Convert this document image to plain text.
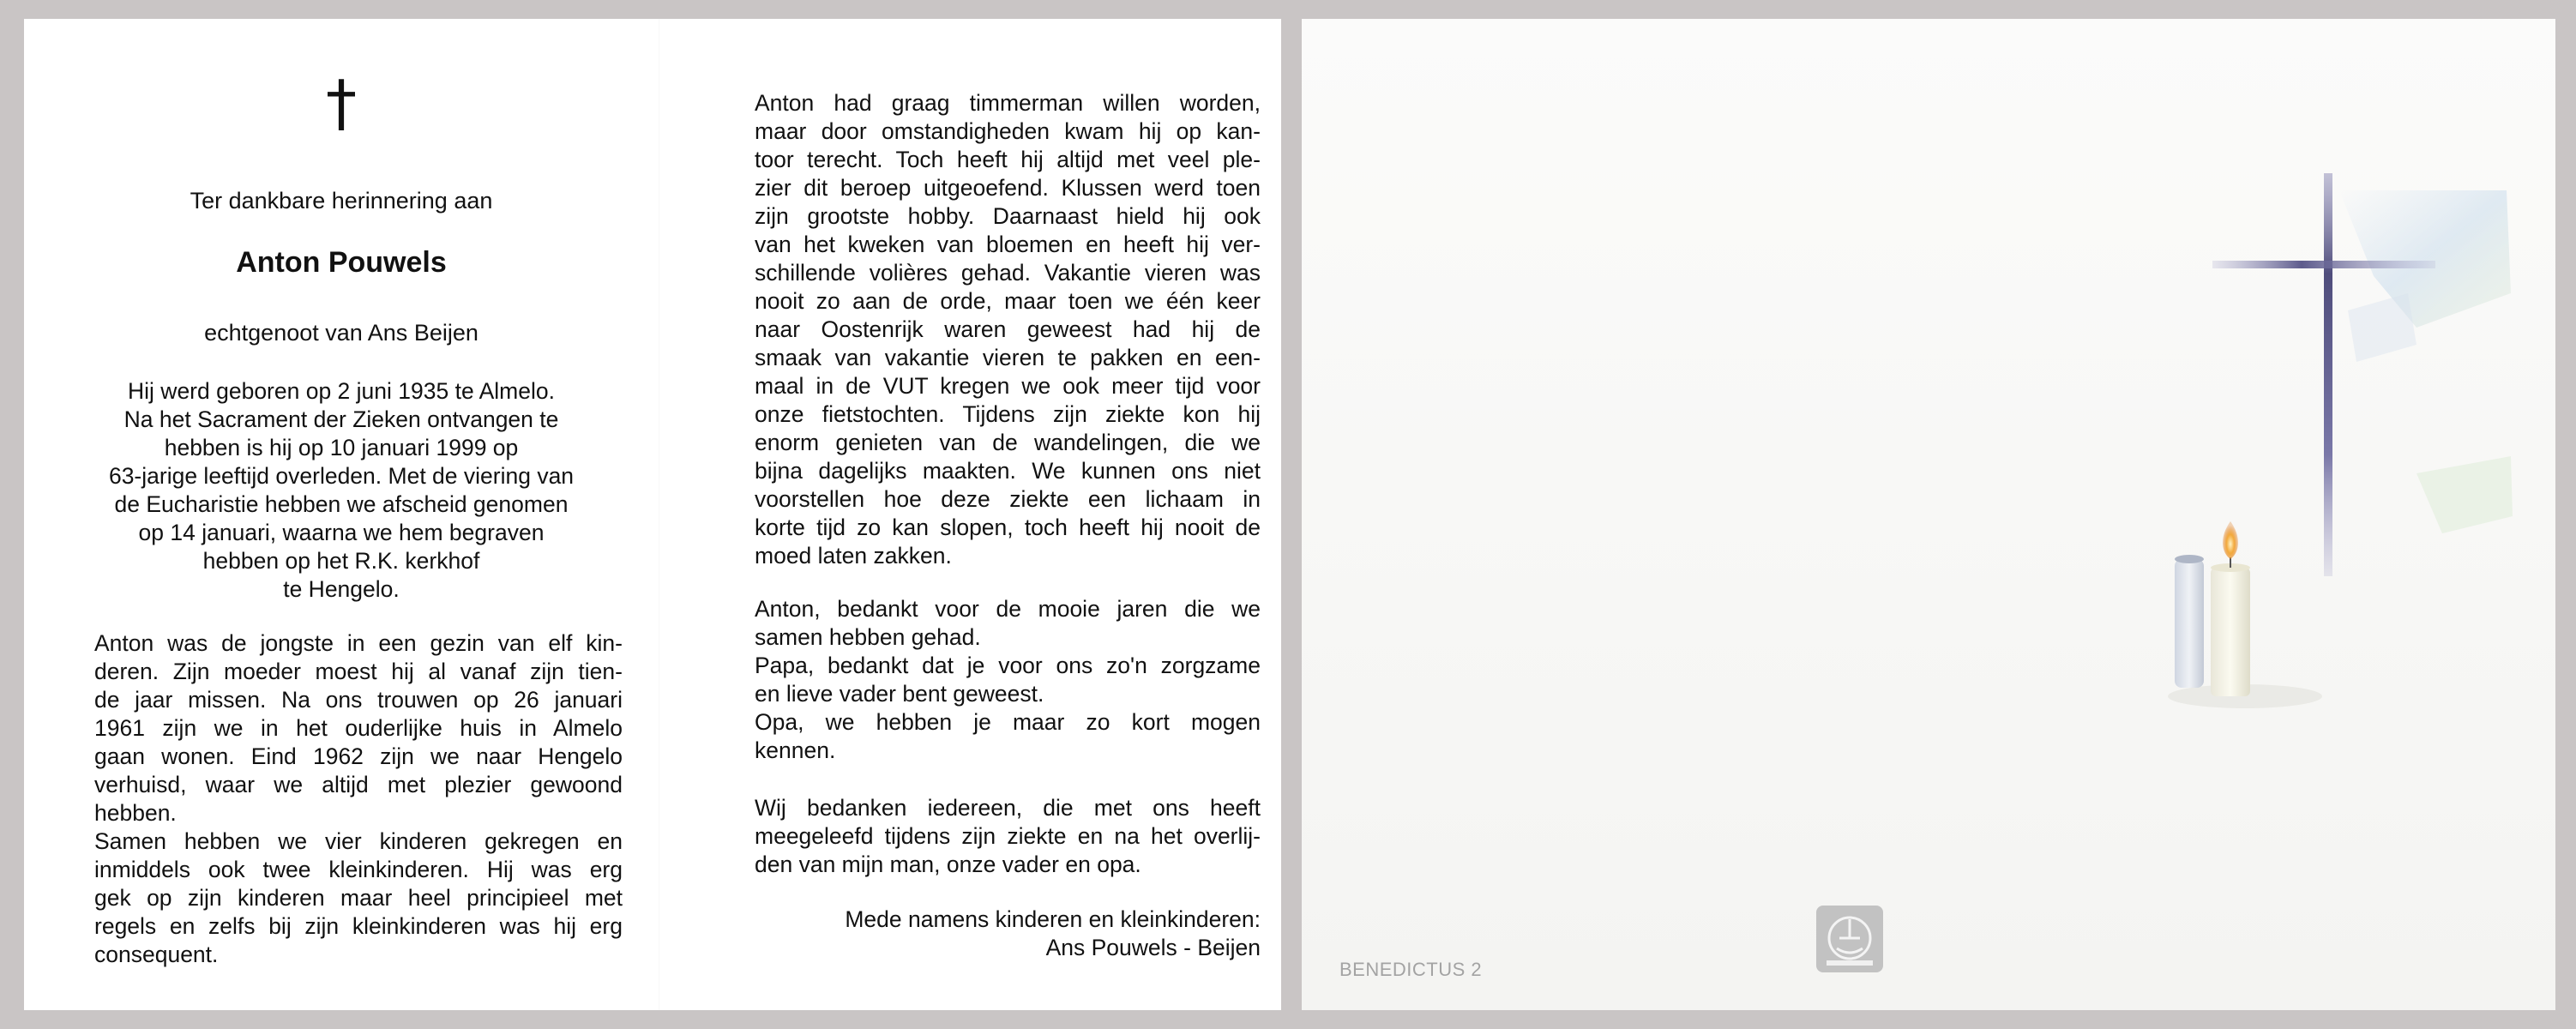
†
Ter dankbare herinnering aan
Anton Pouwels
echtgenoot van Ans Beijen
Hij werd geboren op 2 juni 1935 te Almelo.
Na het Sacrament der Zieken ontvangen te
hebben is hij op 10 januari 1999 op
63-jarige leeftijd overleden. Met de viering van
de Eucharistie hebben we afscheid genomen
op 14 januari, waarna we hem begraven
hebben op het R.K. kerkhof
te Hengelo.
Anton was de jongste in een gezin van elf kin-
deren. Zijn moeder moest hij al vanaf zijn tien-
de jaar missen. Na ons trouwen op 26 januari
1961 zijn we in het ouderlijke huis in Almelo
gaan wonen. Eind 1962 zijn we naar Hengelo
verhuisd, waar we altijd met plezier gewoond
hebben.
Samen hebben we vier kinderen gekregen en
inmiddels ook twee kleinkinderen. Hij was erg
gek op zijn kinderen maar heel principieel met
regels en zelfs bij zijn kleinkinderen was hij erg
consequent.
Anton had graag timmerman willen worden,
maar door omstandigheden kwam hij op kan-
toor terecht. Toch heeft hij altijd met veel ple-
zier dit beroep uitgeoefend. Klussen werd toen
zijn grootste hobby. Daarnaast hield hij ook
van het kweken van bloemen en heeft hij ver-
schillende volières gehad. Vakantie vieren was
nooit zo aan de orde, maar toen we één keer
naar Oostenrijk waren geweest had hij de
smaak van vakantie vieren te pakken en een-
maal in de VUT kregen we ook meer tijd voor
onze fietstochten. Tijdens zijn ziekte kon hij
enorm genieten van de wandelingen, die we
bijna dagelijks maakten. We kunnen ons niet
voorstellen hoe deze ziekte een lichaam in
korte tijd zo kan slopen, toch heeft hij nooit de
moed laten zakken.
Anton, bedankt voor de mooie jaren die we
samen hebben gehad.
Papa, bedankt dat je voor ons zo'n zorgzame
en lieve vader bent geweest.
Opa, we hebben je maar zo kort mogen
kennen.
Wij bedanken iedereen, die met ons heeft
meegeleefd tijdens zijn ziekte en na het overlij-
den van mijn man, onze vader en opa.
Mede namens kinderen en kleinkinderen:
Ans Pouwels - Beijen
BENEDICTUS 2
